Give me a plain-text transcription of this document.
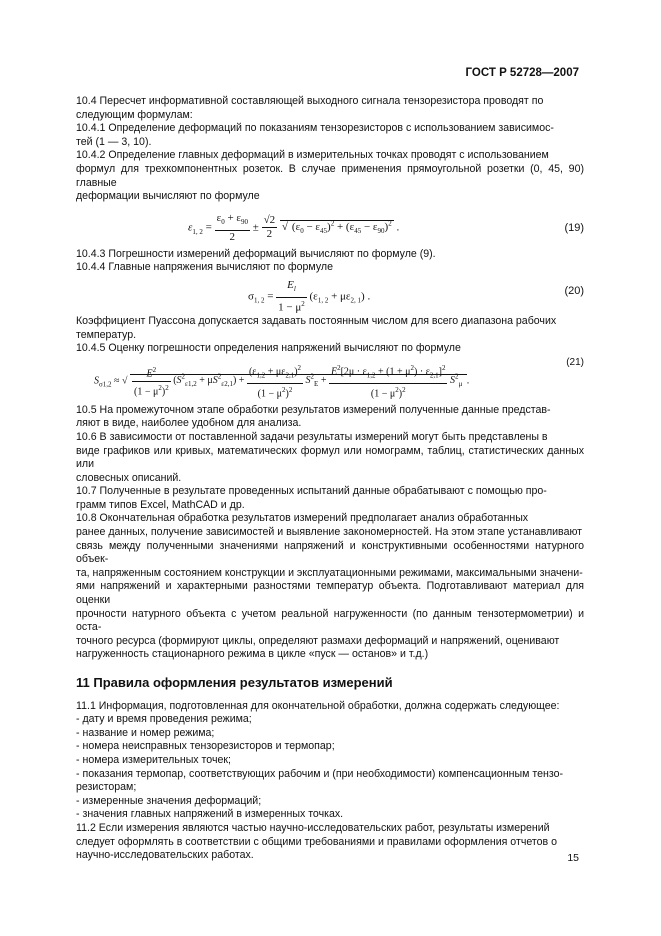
ГОСТ Р 52728—2007
10.4 Пересчет информативной составляющей выходного сигнала тензорезистора проводят по
следующим формулам:
10.4.1 Определение деформаций по показаниям тензорезисторов с использованием зависимос-
тей (1 — 3, 10).
10.4.2 Определение главных деформаций в измерительных точках проводят с использованием
формул для трехкомпонентных розеток. В случае применения прямоугольной розетки (0, 45, 90) главные
деформации вычисляют по формуле
$\varepsilon_{1, 2} = \frac{\varepsilon_0 + \varepsilon_{90}}{2} \pm \frac{√2}{2}$ √ $(\varepsilon_0 - \varepsilon_{45})^2 + (\varepsilon_{45} - \varepsilon_{90})^2$ .	(19)
10.4.3 Погрешности измерений деформаций вычисляют по формуле (9).
10.4.4 Главные напряжения вычисляют по формуле
$\sigma_{1, 2} = \frac{E_l}{1 - \mu^2} (\varepsilon_{1, 2} + \mu\varepsilon_{2, 1})$ .	(20)
Коэффициент Пуассона допускается задавать постоянным числом для всего диапазона рабочих
температур.
10.4.5 Оценку погрешности определения напряжений вычисляют по формуле
$S_{\sigma 1,2}$ ≈ √ $\frac{E^2}{(1 - \mu^2)^2} (S^2_{\varepsilon 1,2} + \mu S^2_{\varepsilon 2,1}) + \frac{(\varepsilon_{1,2} + \mu\varepsilon_{2,1})^2}{(1 - \mu^2)^2} S^2_E + \frac{E^2[2\mu \cdot \varepsilon_{1,2} + (1 + \mu^2) \cdot \varepsilon_{2,1}]^2}{(1 - \mu^2)^2} S^2_\mu$ .
(21)
10.5 На промежуточном этапе обработки результатов измерений полученные данные представ-
ляют в виде, наиболее удобном для анализа.
10.6 В зависимости от поставленной задачи результаты измерений могут быть представлены в
виде графиков или кривых, математических формул или номограмм, таблиц, статистических данных или
словесных описаний.
10.7 Полученные в результате проведенных испытаний данные обрабатывают с помощью про-
грамм типов Excel, MathCAD и др.
10.8 Окончательная обработка результатов измерений предполагает анализ обработанных
ранее данных, получение зависимостей и выявление закономерностей. На этом этапе устанавливают
связь между полученными значениями напряжений и конструктивными особенностями натурного объек-
та, напряженным состоянием конструкции и эксплуатационными режимами, максимальными значени-
ями напряжений и характерными разностями температур объекта. Подготавливают материал для оценки
прочности натурного объекта с учетом реальной нагруженности (по данным тензотермометрии) и оста-
точного ресурса (формируют циклы, определяют размахи деформаций и напряжений, оценивают
нагруженность стационарного режима в цикле «пуск — останов» и т.д.)
11 Правила оформления результатов измерений
11.1 Информация, подготовленная для окончательной обработки, должна содержать следующее:
- дату и время проведения режима;
- название и номер режима;
- номера неисправных тензорезисторов и термопар;
- номера измерительных точек;
- показания термопар, соответствующих рабочим и (при необходимости) компенсационным тензо-
резисторам;
- измеренные значения деформаций;
- значения главных напряжений в измеренных точках.
11.2 Если измерения являются частью научно-исследовательских работ, результаты измерений
следует оформлять в соответствии с общими требованиями и правилами оформления отчетов о
научно-исследовательских работах.	15
